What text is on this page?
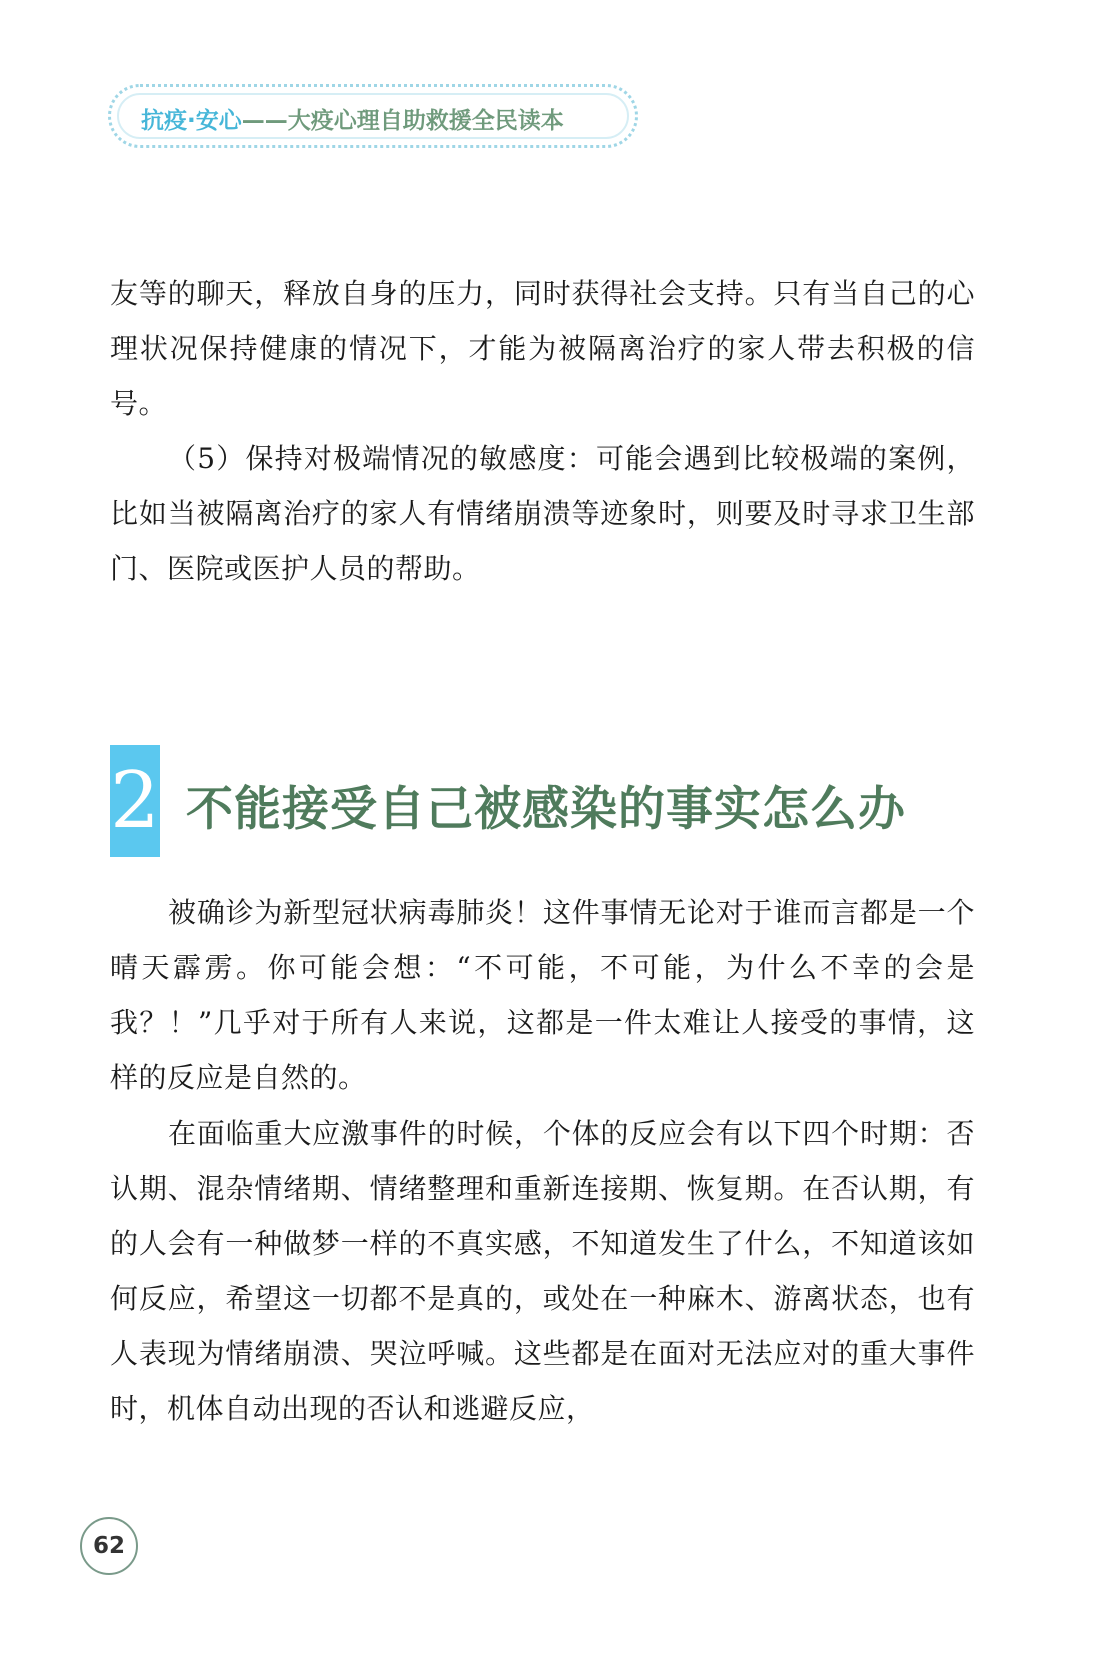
抗疫·安心——大疫心理自助救援全民读本

友等的聊天，释放自身的压力，同时获得社会支持。只有当自己的心理状况保持健康的情况下，才能为被隔离治疗的家人带去积极的信号。

（5）保持对极端情况的敏感度：可能会遇到比较极端的案例，比如当被隔离治疗的家人有情绪崩溃等迹象时，则要及时寻求卫生部门、医院或医护人员的帮助。

2 不能接受自己被感染的事实怎么办

被确诊为新型冠状病毒肺炎！这件事情无论对于谁而言都是一个晴天霹雳。你可能会想：“不可能，不可能，为什么不幸的会是我？！”几乎对于所有人来说，这都是一件太难让人接受的事情，这样的反应是自然的。

在面临重大应激事件的时候，个体的反应会有以下四个时期：否认期、混杂情绪期、情绪整理和重新连接期、恢复期。在否认期，有的人会有一种做梦一样的不真实感，不知道发生了什么，不知道该如何反应，希望这一切都不是真的，或处在一种麻木、游离状态，也有人表现为情绪崩溃、哭泣呼喊。这些都是在面对无法应对的重大事件时，机体自动出现的否认和逃避反应，

62
